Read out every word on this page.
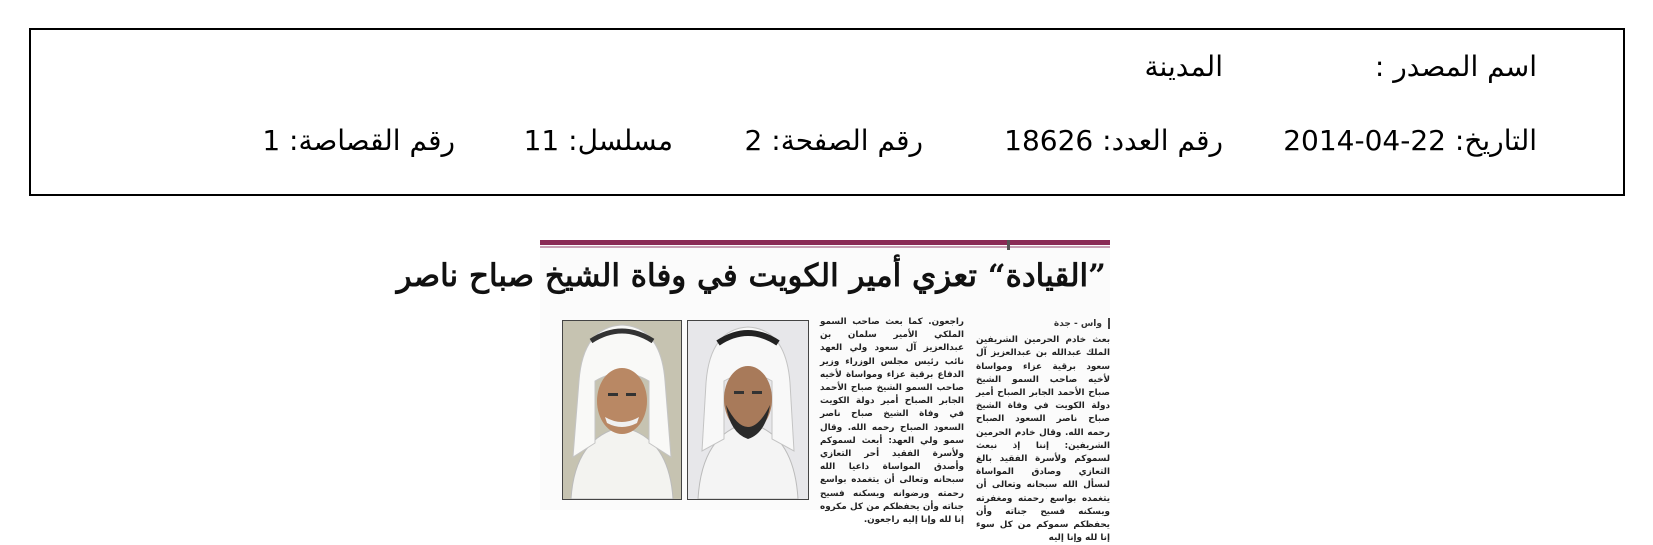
اسم المصدر :
المدينة
التاريخ: 22-04-2014
رقم العدد: 18626
رقم الصفحة: 2
مسلسل: 11
رقم القصاصة: 1
”القيادة“ تعزي أمير الكويت في وفاة الشيخ صباح ناصر
واس - جدة
بعث خادم الحرمين الشريفين الملك عبدالله بن عبدالعزيز آل سعود برقية عزاء ومواساة لأخيه صاحب السمو الشيخ صباح الأحمد الجابر الصباح أمير دولة الكويت في وفاة الشيخ صباح ناصر السعود الصباح رحمه الله. وقال خادم الحرمين الشريفين: إننا إذ نبعث لسموكم ولأسرة الفقيد بالغ التعازي وصادق المواساة لنسأل الله سبحانه وتعالى أن يتغمده بواسع رحمته ومغفرته ويسكنه فسيح جناته وأن يحفظكم سموكم من كل سوء إنا لله وإنا إليه
راجعون. كما بعث صاحب السمو الملكي الأمير سلمان بن عبدالعزيز آل سعود ولي العهد نائب رئيس مجلس الوزراء وزير الدفاع برقية عزاء ومواساة لأخيه صاحب السمو الشيخ صباح الأحمد الجابر الصباح أمير دولة الكويت في وفاة الشيخ صباح ناصر السعود الصباح رحمه الله. وقال سمو ولي العهد: أبعث لسموكم ولأسرة الفقيد أحر التعازي وأصدق المواساة داعيا الله سبحانه وتعالى أن يتغمده بواسع رحمته ورضوانه ويسكنه فسيح جناته وأن يحفظكم من كل مكروه إنا لله وإنا إليه راجعون.
